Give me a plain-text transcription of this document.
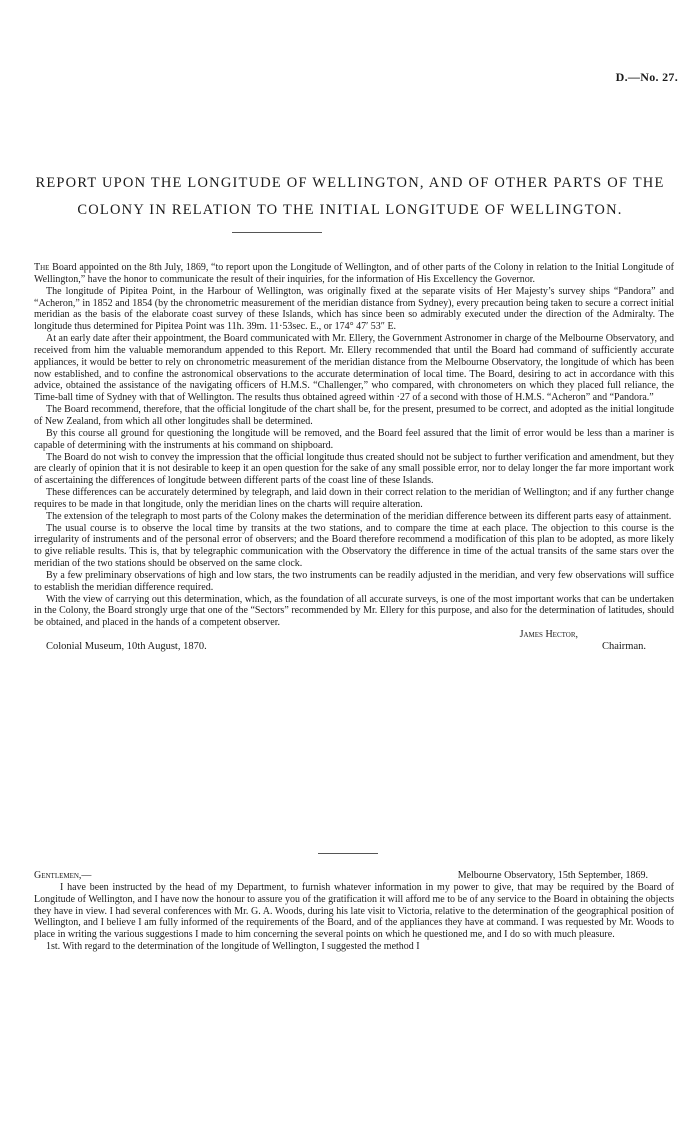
D.—No. 27.
REPORT UPON THE LONGITUDE OF WELLINGTON, AND OF OTHER PARTS OF THE
COLONY IN RELATION TO THE INITIAL LONGITUDE OF WELLINGTON.

The Board appointed on the 8th July, 1869, “to report upon the Longitude of Wellington, and of other parts of the Colony in relation to the Initial Longitude of Wellington,” have the honor to communicate the result of their inquiries, for the information of His Excellency the Governor.

The longitude of Pipitea Point, in the Harbour of Wellington, was originally fixed at the separate visits of Her Majesty’s survey ships “Pandora” and “Acheron,” in 1852 and 1854 (by the chronometric measurement of the meridian distance from Sydney), every precaution being taken to secure a correct initial meridian as the basis of the elaborate coast survey of these Islands, which has since been so admirably executed under the direction of the Admiralty. The longitude thus determined for Pipitea Point was 11h. 39m. 11·53sec. E., or 174° 47′ 53″ E.

At an early date after their appointment, the Board communicated with Mr. Ellery, the Government Astronomer in charge of the Melbourne Observatory, and received from him the valuable memorandum appended to this Report. Mr. Ellery recommended that until the Board had command of sufficiently accurate appliances, it would be better to rely on chronometric measurement of the meridian distance from the Melbourne Observatory, the longitude of which has been now established, and to confine the astronomical observations to the accurate determination of local time. The Board, desiring to act in accordance with this advice, obtained the assistance of the navigating officers of H.M.S. “Challenger,” who compared, with chronometers on which they placed full reliance, the Time-ball time of Sydney with that of Wellington. The results thus obtained agreed within ·27 of a second with those of H.M.S. “Acheron” and “Pandora.”

The Board recommend, therefore, that the official longitude of the chart shall be, for the present, presumed to be correct, and adopted as the initial longitude of New Zealand, from which all other longitudes shall be determined.

By this course all ground for questioning the longitude will be removed, and the Board feel assured that the limit of error would be less than a mariner is capable of determining with the instruments at his command on shipboard.

The Board do not wish to convey the impression that the official longitude thus created should not be subject to further verification and amendment, but they are clearly of opinion that it is not desirable to keep it an open question for the sake of any small possible error, nor to delay longer the far more important work of ascertaining the differences of longitude between different parts of the coast line of these Islands.

These differences can be accurately determined by telegraph, and laid down in their correct relation to the meridian of Wellington; and if any further change requires to be made in that longitude, only the meridian lines on the charts will require alteration.

The extension of the telegraph to most parts of the Colony makes the determination of the meridian difference between its different parts easy of attainment.

The usual course is to observe the local time by transits at the two stations, and to compare the time at each place. The objection to this course is the irregularity of instruments and of the personal error of observers; and the Board therefore recommend a modification of this plan to be adopted, as more likely to give reliable results. This is, that by telegraphic communication with the Observatory the difference in time of the actual transits of the same stars over the meridian of the two stations should be observed on the same clock.

By a few preliminary observations of high and low stars, the two instruments can be readily adjusted in the meridian, and very few observations will suffice to establish the meridian difference required.

With the view of carrying out this determination, which, as the foundation of all accurate surveys, is one of the most important works that can be undertaken in the Colony, the Board strongly urge that one of the “Sectors” recommended by Mr. Ellery for this purpose, and also for the determination of latitudes, should be obtained, and placed in the hands of a competent observer.

James Hector,
Colonial Museum, 10th August, 1870.	Chairman.
Gentlemen,—	Melbourne Observatory, 15th September, 1869.

I have been instructed by the head of my Department, to furnish whatever information in my power to give, that may be required by the Board of Longitude of Wellington, and I have now the honour to assure you of the gratification it will afford me to be of any service to the Board in obtaining the objects they have in view. I had several conferences with Mr. G. A. Woods, during his late visit to Victoria, relative to the determination of the geographical position of Wellington, and I believe I am fully informed of the requirements of the Board, and of the appliances they have at command. I was requested by Mr. Woods to place in writing the various suggestions I made to him concerning the several points on which he questioned me, and I do so with much pleasure.

1st. With regard to the determination of the longitude of Wellington, I suggested the method I
